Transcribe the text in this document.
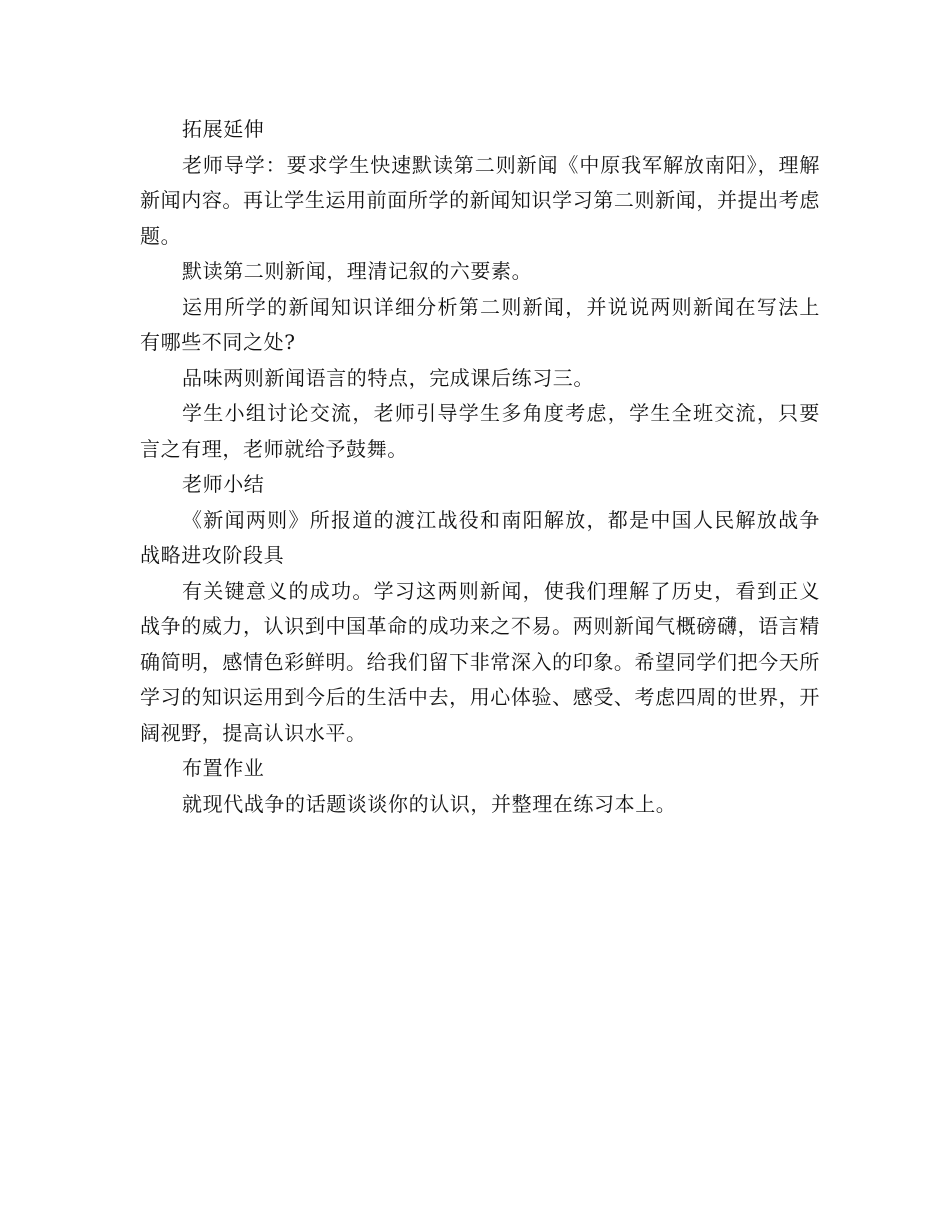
拓展延伸

老师导学：要求学生快速默读第二则新闻《中原我军解放南阳》，理解新闻内容。再让学生运用前面所学的新闻知识学习第二则新闻，并提出考虑题。

默读第二则新闻，理清记叙的六要素。

运用所学的新闻知识详细分析第二则新闻，并说说两则新闻在写法上有哪些不同之处?

品味两则新闻语言的特点，完成课后练习三。

学生小组讨论交流，老师引导学生多角度考虑，学生全班交流，只要言之有理，老师就给予鼓舞。

老师小结

《新闻两则》所报道的渡江战役和南阳解放，都是中国人民解放战争战略进攻阶段具

有关键意义的成功。学习这两则新闻，使我们理解了历史，看到正义战争的威力，认识到中国革命的成功来之不易。两则新闻气概磅礴，语言精确简明，感情色彩鲜明。给我们留下非常深入的印象。希望同学们把今天所学习的知识运用到今后的生活中去，用心体验、感受、考虑四周的世界，开阔视野，提高认识水平。

布置作业

就现代战争的话题谈谈你的认识，并整理在练习本上。
